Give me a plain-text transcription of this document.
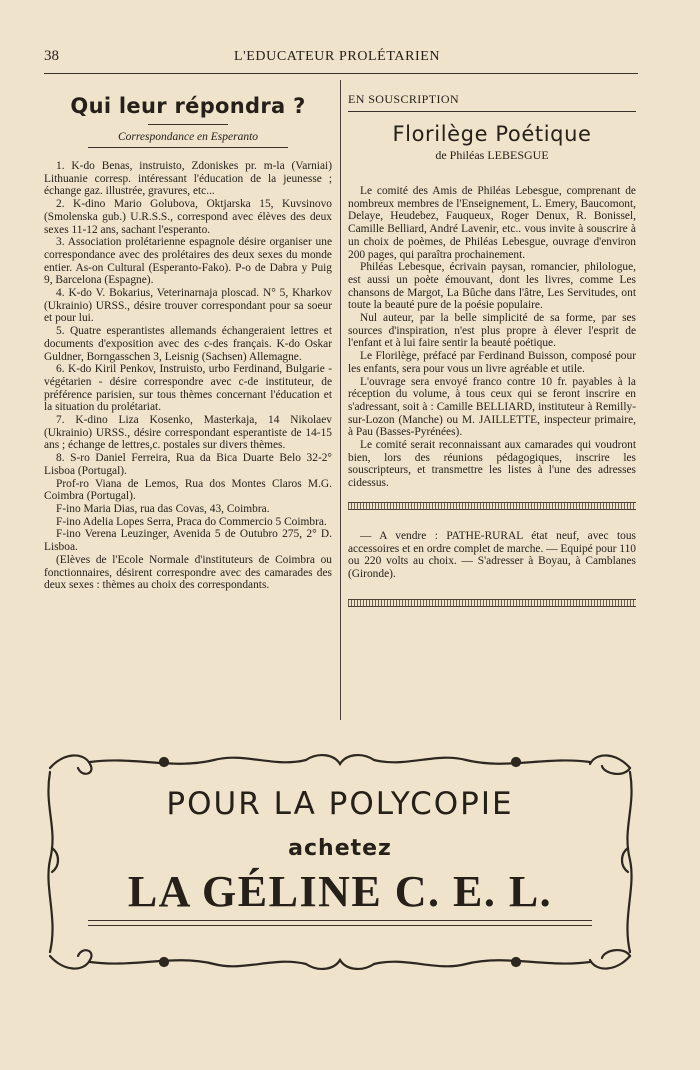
38	L'EDUCATEUR PROLÉTARIEN
Qui leur répondra ?
Correspondance en Esperanto

1. K-do Benas, instruisto, Zdoniskes pr. m-la (Varniai) Lithuanie corresp. intéressant l'éducation de la jeunesse ; échange gaz. illustrée, gravures, etc...

2. K-dino Mario Golubova, Oktjarska 15, Kuvsinovo (Smolenska gub.) U.R.S.S., correspond avec élèves des deux sexes 11-12 ans, sachant l'esperanto.

3. Association prolétarienne espagnole désire organiser une correspondance avec des prolétaires des deux sexes du monde entier. As-on Cultural (Esperanto-Fako). P-o de Dabra y Puig 9, Barcelona (Espagne).

4. K-do V. Bokarius, Veterinarnaja ploscad. N° 5, Kharkov (Ukrainio) URSS., désire trouver correspondant pour sa soeur et pour lui.

5. Quatre esperantistes allemands échangeraient lettres et documents d'exposition avec des c-des français. K-do Oskar Guldner, Borngasschen 3, Leisnig (Sachsen) Allemagne.

6. K-do Kiril Penkov, Instruisto, urbo Ferdinand, Bulgarie - végétarien - désire correspondre avec c-de instituteur, de préférence parisien, sur tous thèmes concernant l'éducation et la situation du prolétariat.

7. K-dino Liza Kosenko, Masterkaja, 14 Nikolaev (Ukrainio) URSS., désire correspondant esperantiste de 14-15 ans ; échange de lettres,c. postales sur divers thèmes.

8. S-ro Daniel Ferreira, Rua da Bica Duarte Belo 32-2° Lisboa (Portugal).

Prof-ro Viana de Lemos, Rua dos Montes Claros M.G. Coimbra (Portugal).

F-ino Maria Dias, rua das Covas, 43, Coimbra.

F-ino Adelia Lopes Serra, Praca do Commercio 5 Coimbra.

F-ino Verena Leuzinger, Avenida 5 de Outubro 275, 2° D. Lisboa.

(Elèves de l'Ecole Normale d'instituteurs de Coimbra ou fonctionnaires, désirent correspondre avec des camarades des deux sexes : thèmes au choix des correspondants.

EN SOUSCRIPTION
Florilège Poétique
de Philéas LEBESGUE

Le comité des Amis de Philéas Lebesgue, comprenant de nombreux membres de l'Enseignement, L. Emery, Baucomont, Delaye, Heudebez, Fauqueux, Roger Denux, R. Bonissel, Camille Belliard, André Lavenir, etc.. vous invite à souscrire à un choix de poèmes, de Philéas Lebesgue, ouvrage d'environ 200 pages, qui paraîtra prochainement.

Philéas Lebesque, écrivain paysan, romancier, philologue, est aussi un poète émouvant, dont les livres, comme Les chansons de Margot, La Bûche dans l'âtre, Les Servitudes, ont toute la beauté pure de la poésie populaire.

Nul auteur, par la belle simplicité de sa forme, par ses sources d'inspiration, n'est plus propre à élever l'esprit de l'enfant et à lui faire sentir la beauté poétique.

Le Florilège, préfacé par Ferdinand Buisson, composé pour les enfants, sera pour vous un livre agréable et utile.

L'ouvrage sera envoyé franco contre 10 fr. payables à la réception du volume, à tous ceux qui se feront inscrire en s'adressant, soit à : Camille BELLIARD, instituteur à Remilly-sur-Lozon (Manche) ou M. JAILLETTE, inspecteur primaire, à Pau (Basses-Pyrénées).

Le comité serait reconnaissant aux camarades qui voudront bien, lors des réunions pédagogiques, inscrire les souscripteurs, et transmettre les listes à l'une des adresses cidessus.

— A vendre : PATHE-RURAL état neuf, avec tous accessoires et en ordre complet de marche. — Equipé pour 110 ou 220 volts au choix. — S'adresser à Boyau, à Camblanes (Gironde).

POUR LA POLYCOPIE
achetez
LA GÉLINE C. E. L.
